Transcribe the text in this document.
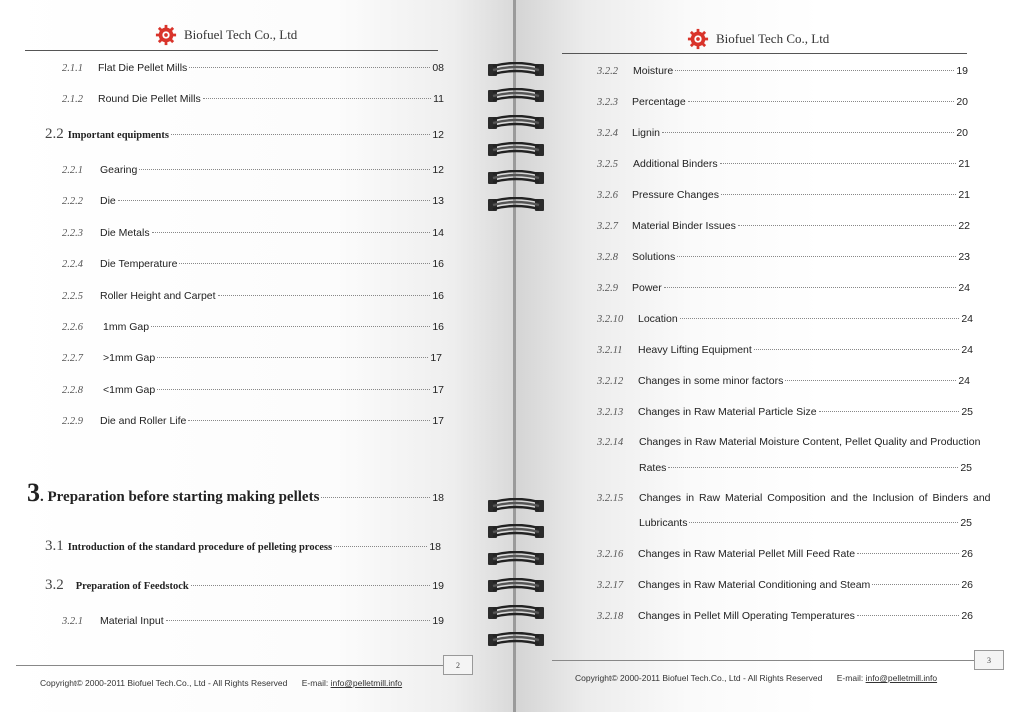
Biofuel Tech Co., Ltd
2.1.1	Flat Die Pellet Mills	08
2.1.2	Round Die Pellet Mills	11
2.2 Important equipments	12
2.2.1	Gearing	12
2.2.2	Die	13
2.2.3	Die Metals	14
2.2.4	Die Temperature	16
2.2.5	Roller Height and Carpet	16
2.2.6	1mm Gap	16
2.2.7	>1mm Gap	17
2.2.8	<1mm Gap	17
2.2.9	Die and Roller Life	17
3 . Preparation before starting making pellets	18
3.1 Introduction of the standard procedure of pelleting process	18
3.2 Preparation of Feedstock	19
3.2.1	Material Input	19
2
Copyright© 2000-2011 Biofuel Tech.Co., Ltd - All Rights Reserved E-mail: info@pelletmill.info
Biofuel Tech Co., Ltd
3.2.2	Moisture	19
3.2.3	Percentage	20
3.2.4	Lignin	20
3.2.5	Additional Binders	21
3.2.6	Pressure Changes	21
3.2.7	Material Binder Issues	22
3.2.8	Solutions	23
3.2.9	Power	24
3.2.10	Location	24
3.2.11	Heavy Lifting Equipment	24
3.2.12	Changes in some minor factors	24
3.2.13	Changes in Raw Material Particle Size	25
3.2.14	Changes in Raw Material Moisture Content, Pellet Quality and Production
Rates	25
3.2.15	Changes in Raw Material Composition and the Inclusion of Binders and
Lubricants	25
3.2.16	Changes in Raw Material Pellet Mill Feed Rate	26
3.2.17	Changes in Raw Material Conditioning and Steam	26
3.2.18	Changes in Pellet Mill Operating Temperatures	26
3
Copyright© 2000-2011 Biofuel Tech.Co., Ltd - All Rights Reserved E-mail: info@pelletmill.info
